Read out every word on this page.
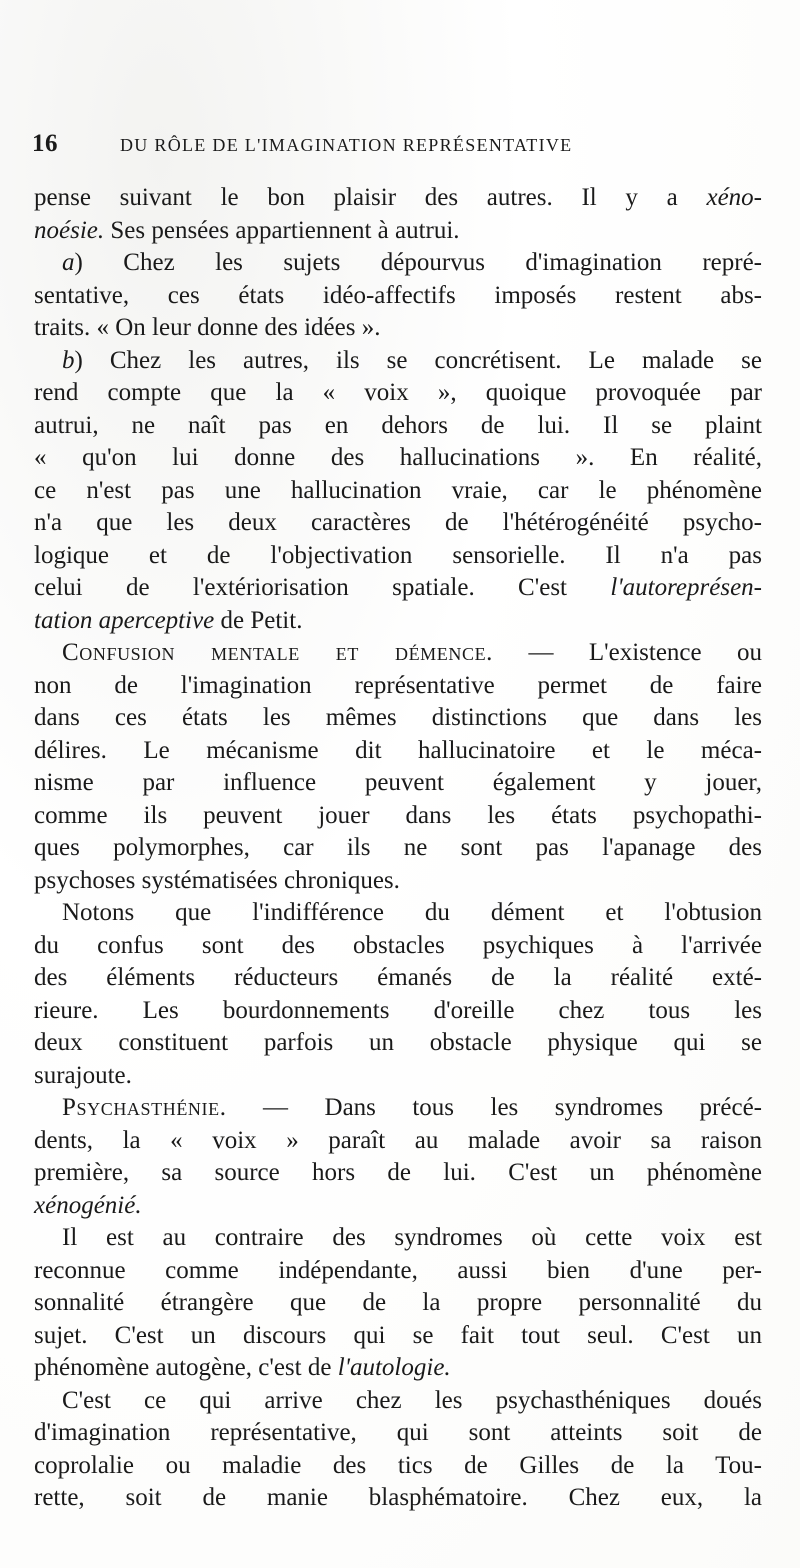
16	DU RÔLE DE L'IMAGINATION REPRÉSENTATIVE
pense suivant le bon plaisir des autres. Il y a xéno-
noésie. Ses pensées appartiennent à autrui.
a) Chez les sujets dépourvus d'imagination repré-
sentative, ces états idéo-affectifs imposés restent abs-
traits. « On leur donne des idées ».
b) Chez les autres, ils se concrétisent. Le malade se
rend compte que la « voix », quoique provoquée par
autrui, ne naît pas en dehors de lui. Il se plaint
« qu'on lui donne des hallucinations ». En réalité,
ce n'est pas une hallucination vraie, car le phénomène
n'a que les deux caractères de l'hétérogénéité psycho-
logique et de l'objectivation sensorielle. Il n'a pas
celui de l'extériorisation spatiale. C'est l'autoreprésen-
tation aperceptive de Petit.
Confusion mentale et démence. — L'existence ou
non de l'imagination représentative permet de faire
dans ces états les mêmes distinctions que dans les
délires. Le mécanisme dit hallucinatoire et le méca-
nisme par influence peuvent également y jouer,
comme ils peuvent jouer dans les états psychopathi-
ques polymorphes, car ils ne sont pas l'apanage des
psychoses systématisées chroniques.
Notons que l'indifférence du dément et l'obtusion
du confus sont des obstacles psychiques à l'arrivée
des éléments réducteurs émanés de la réalité exté-
rieure. Les bourdonnements d'oreille chez tous les
deux constituent parfois un obstacle physique qui se
surajoute.
Psychasthénie. — Dans tous les syndromes précé-
dents, la « voix » paraît au malade avoir sa raison
première, sa source hors de lui. C'est un phénomène
xénogénié.
Il est au contraire des syndromes où cette voix est
reconnue comme indépendante, aussi bien d'une per-
sonnalité étrangère que de la propre personnalité du
sujet. C'est un discours qui se fait tout seul. C'est un
phénomène autogène, c'est de l'autologie.
C'est ce qui arrive chez les psychasthéniques doués
d'imagination représentative, qui sont atteints soit de
coprolalie ou maladie des tics de Gilles de la Tou-
rette, soit de manie blasphématoire. Chez eux, la
